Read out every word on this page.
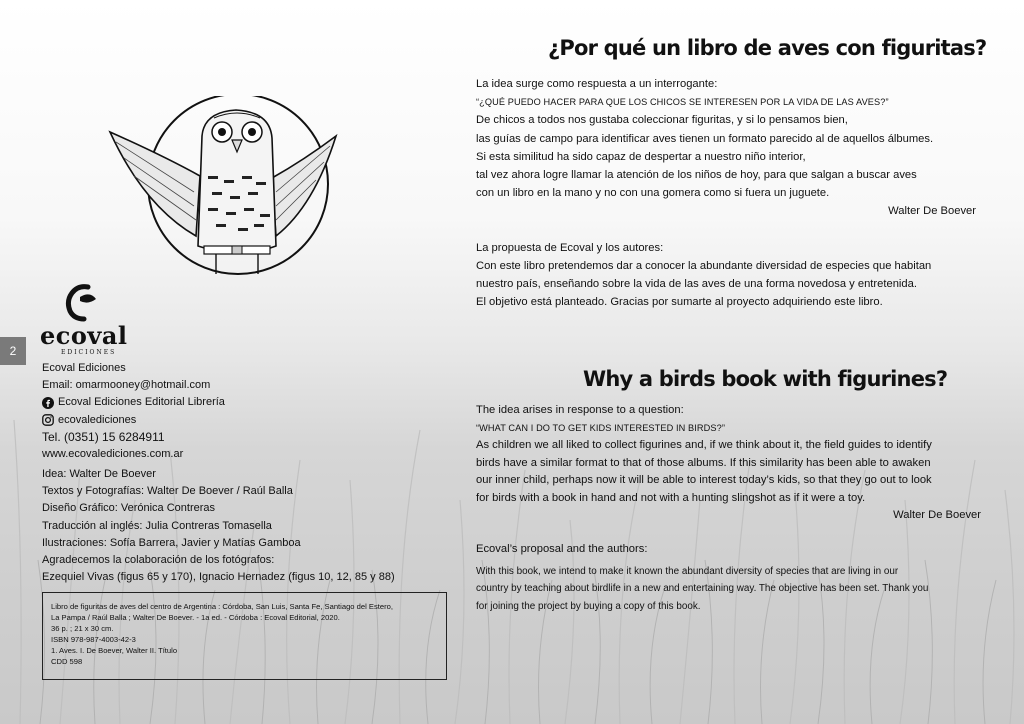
ecoval
EDICIONES
2
Ecoval Ediciones
Email: omarmooney@hotmail.com
Ecoval Ediciones Editorial Librería
ecovalediciones
Tel. (0351) 15 6284911
www.ecovalediciones.com.ar
Idea: Walter De Boever
Textos y Fotografías: Walter De Boever / Raúl Balla
Diseño Gráfico: Verónica Contreras
Traducción al inglés: Julia Contreras Tomasella
Ilustraciones: Sofía Barrera, Javier y Matías Gamboa
Agradecemos la colaboración de los fotógrafos:
Ezequiel Vivas (figus 65 y 170), Ignacio Hernadez (figus 10, 12, 85 y 88)
Libro de figuritas de aves del centro de Argentina : Córdoba, San Luis, Santa Fe, Santiago del Estero,
La Pampa / Raúl Balla ; Walter De Boever. - 1a ed. - Córdoba : Ecoval Editorial, 2020.
36 p. ; 21 x 30 cm.
ISBN 978-987-4003-42-3
1. Aves. I. De Boever, Walter II. Título
CDD 598
¿Por qué un libro de aves con figuritas?
La idea surge como respuesta a un interrogante:
“¿QUÉ PUEDO HACER PARA QUE LOS CHICOS SE INTERESEN POR LA VIDA DE LAS AVES?”
De chicos a todos nos gustaba coleccionar figuritas, y si lo pensamos bien,
las guías de campo para identificar aves tienen un formato parecido al de aquellos álbumes.
Si esta similitud ha sido capaz de despertar a nuestro niño interior,
tal vez ahora logre llamar la atención de los niños de hoy, para que salgan a buscar aves
con un libro en la mano y no con una gomera como si fuera un juguete.
Walter De Boever
La propuesta de Ecoval y los autores:
Con este libro pretendemos dar a conocer la abundante diversidad de especies que habitan
nuestro país, enseñando sobre la vida de las aves de una forma novedosa y entretenida.
El objetivo está planteado. Gracias por sumarte al proyecto adquiriendo este libro.
Why a birds book with figurines?
The idea arises in response to a question:
“WHAT CAN I DO TO GET KIDS INTERESTED IN BIRDS?”
As children we all liked to collect figurines and, if we think about it, the field guides to identify
birds have a similar format to that of those albums. If this similarity has been able to awaken
our inner child, perhaps now it will be able to interest today’s kids, so that they go out to look
for birds with a book in hand and not with a hunting slingshot as if it were a toy.
Walter De Boever
Ecoval’s proposal and the authors:
With this book, we intend to make it known the abundant diversity of species that are living in our
country by teaching about birdlife in a new and entertaining way. The objective has been set. Thank you
for joining the project by buying a copy of this book.
